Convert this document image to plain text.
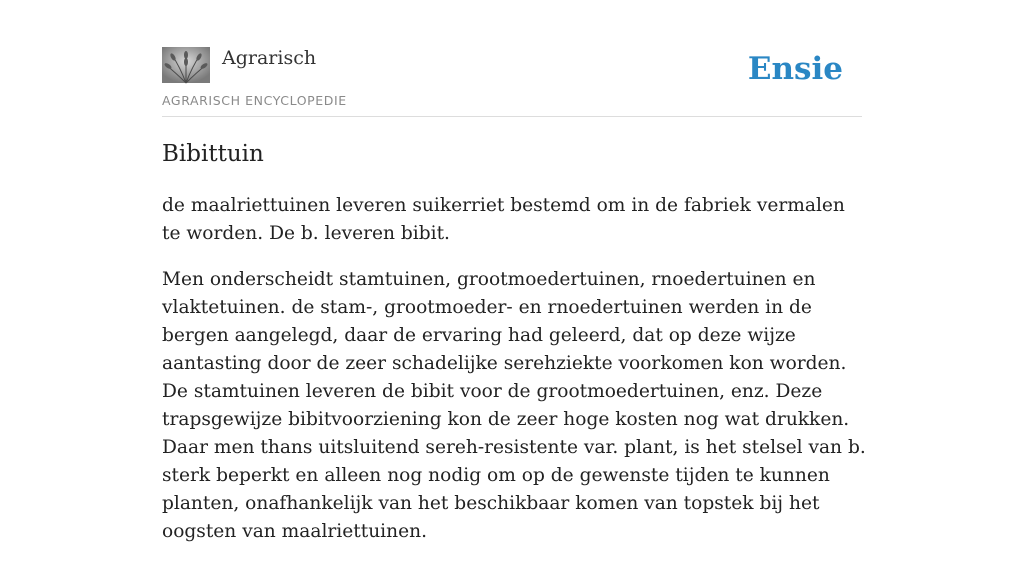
Agrarisch
AGRARISCH ENCYCLOPEDIE
Ensie
Bibittuin

de maalriettuinen leveren suikerriet bestemd om in de fabriek vermalen te worden. De b. leveren bibit.

Men onderscheidt stamtuinen, grootmoedertuinen, rnoedertuinen en vlaktetuinen. de stam-, grootmoeder- en rnoedertuinen werden in de bergen aangelegd, daar de ervaring had geleerd, dat op deze wijze aantasting door de zeer schadelijke serehziekte voorkomen kon worden. De stamtuinen leveren de bibit voor de grootmoedertuinen, enz. Deze trapsgewijze bibitvoorziening kon de zeer hoge kosten nog wat drukken. Daar men thans uitsluitend sereh-resistente var. plant, is het stelsel van b. sterk beperkt en alleen nog nodig om op de gewenste tijden te kunnen planten, onafhankelijk van het beschikbaar komen van topstek bij het oogsten van maalriettuinen.
